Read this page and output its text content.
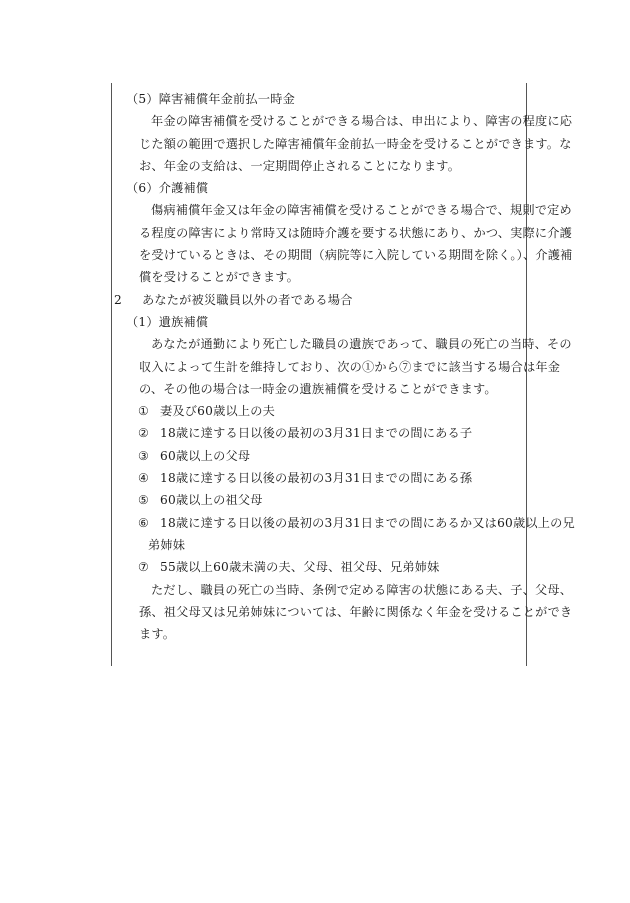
（5）障害補償年金前払一時金
年金の障害補償を受けることができる場合は、申出により、障害の程度に応
じた額の範囲で選択した障害補償年金前払一時金を受けることができます。な
お、年金の支給は、一定期間停止されることになります。
（6）介護補償
傷病補償年金又は年金の障害補償を受けることができる場合で、規則で定め
る程度の障害により常時又は随時介護を要する状態にあり、かつ、実際に介護
を受けているときは、その期間（病院等に入院している期間を除く。）、介護補
償を受けることができます。
2 あなたが被災職員以外の者である場合
（1）遺族補償
あなたが通勤により死亡した職員の遺族であって、職員の死亡の当時、その
収入によって生計を維持しており、次の①から⑦までに該当する場合は年金
の、その他の場合は一時金の遺族補償を受けることができます。
① 妻及び60歳以上の夫
② 18歳に達する日以後の最初の3月31日までの間にある子
③ 60歳以上の父母
④ 18歳に達する日以後の最初の3月31日までの間にある孫
⑤ 60歳以上の祖父母
⑥ 18歳に達する日以後の最初の3月31日までの間にあるか又は60歳以上の兄
弟姉妹
⑦ 55歳以上60歳未満の夫、父母、祖父母、兄弟姉妹
ただし、職員の死亡の当時、条例で定める障害の状態にある夫、子、父母、
孫、祖父母又は兄弟姉妹については、年齢に関係なく年金を受けることができ
ます。
